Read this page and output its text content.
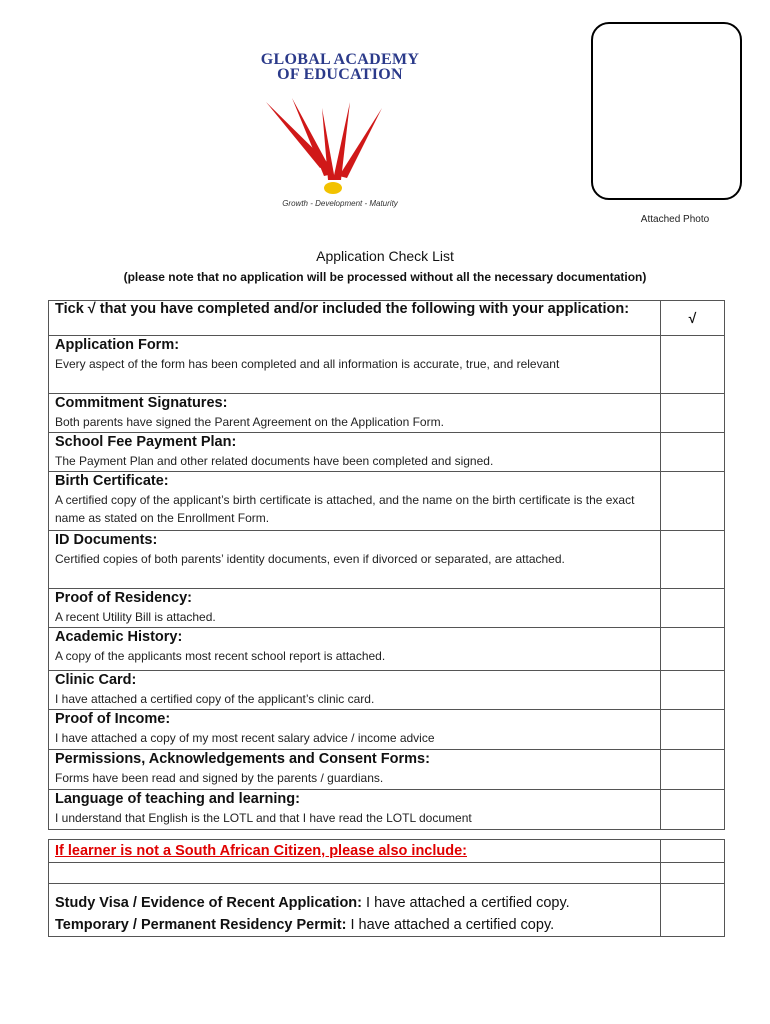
GLOBAL ACADEMY
OF EDUCATION
Growth - Development - Maturity
Attached Photo
Application Check List
(please note that no application will be processed without all the necessary documentation)
Tick √ that you have completed and/or included the following with your application:	√

Application Form:
Every aspect of the form has been completed and all information is accurate, true, and relevant	

Commitment Signatures:
Both parents have signed the Parent Agreement on the Application Form.	

School Fee Payment Plan:
The Payment Plan and other related documents have been completed and signed.	

Birth Certificate:
A certified copy of the applicant’s birth certificate is attached, and the name on the birth certificate is the exact name as stated on the Enrollment Form.	

ID Documents:
Certified copies of both parents’ identity documents, even if divorced or separated, are attached.	

Proof of Residency:
A recent Utility Bill is attached.	

Academic History:
A copy of the applicants most recent school report is attached.	

Clinic Card:
I have attached a certified copy of the applicant’s clinic card.	

Proof of Income:
I have attached a copy of my most recent salary advice / income advice	

Permissions, Acknowledgements and Consent Forms:
Forms have been read and signed by the parents / guardians.	

Language of teaching and learning:
I understand that English is the LOTL and that I have read the LOTL document	

If learner is not a South African Citizen, please also include:	

Study Visa / Evidence of Recent Application: I have attached a certified copy.
Temporary / Permanent Residency Permit: I have attached a certified copy.	
